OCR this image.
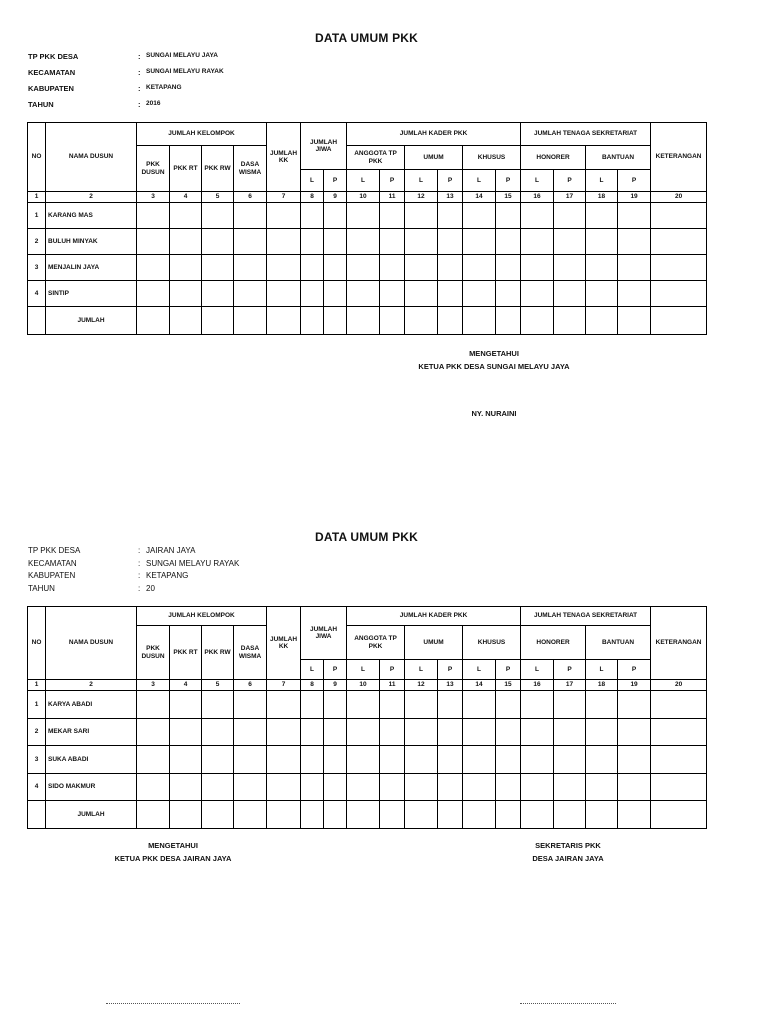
DATA UMUM PKK
TP PKK DESA	: SUNGAI MELAYU JAYA
KECAMATAN	: SUNGAI MELAYU RAYAK
KABUPATEN	: KETAPANG
TAHUN	: 2016
NO	NAMA DUSUN	JUMLAH KELOMPOK				JUMLAH KK	JUMLAH JIWA		JUMLAH KADER PKK						JUMLAH TENAGA SEKRETARIAT				KETERANGAN
		PKK DUSUN	PKK RT	PKK RW	DASA WISMA				ANGGOTA TP PKK		UMUM		KHUSUS		HONORER		BANTUAN		
							L	P	L	P	L	P	L	P	L	P	L	P	
1	2	3	4	5	6	7	8	9	10	11	12	13	14	15	16	17	18	19	20
1	KARANG MAS																		
2	BULUH MINYAK																		
3	MENJALIN JAYA																		
4	SINTIP																		
	JUMLAH																		
MENGETAHUI
KETUA PKK DESA SUNGAI MELAYU JAYA
NY. NURAINI
DATA UMUM PKK
TP PKK DESA	: JAIRAN JAYA
KECAMATAN	: SUNGAI MELAYU RAYAK
KABUPATEN	: KETAPANG
TAHUN	: 20
NO	NAMA DUSUN	JUMLAH KELOMPOK				JUMLAH KK	JUMLAH JIWA		JUMLAH KADER PKK						JUMLAH TENAGA SEKRETARIAT				KETERANGAN
		PKK DUSUN	PKK RT	PKK RW	DASA WISMA				ANGGOTA TP PKK		UMUM		KHUSUS		HONORER		BANTUAN		
							L	P	L	P	L	P	L	P	L	P	L	P	
1	2	3	4	5	6	7	8	9	10	11	12	13	14	15	16	17	18	19	20
1	KARYA ABADI																		
2	MEKAR SARI																		
3	SUKA ABADI																		
4	SIDO MAKMUR																		
	JUMLAH																		
MENGETAHUI
KETUA PKK DESA JAIRAN JAYA
SEKRETARIS PKK
DESA JAIRAN JAYA
